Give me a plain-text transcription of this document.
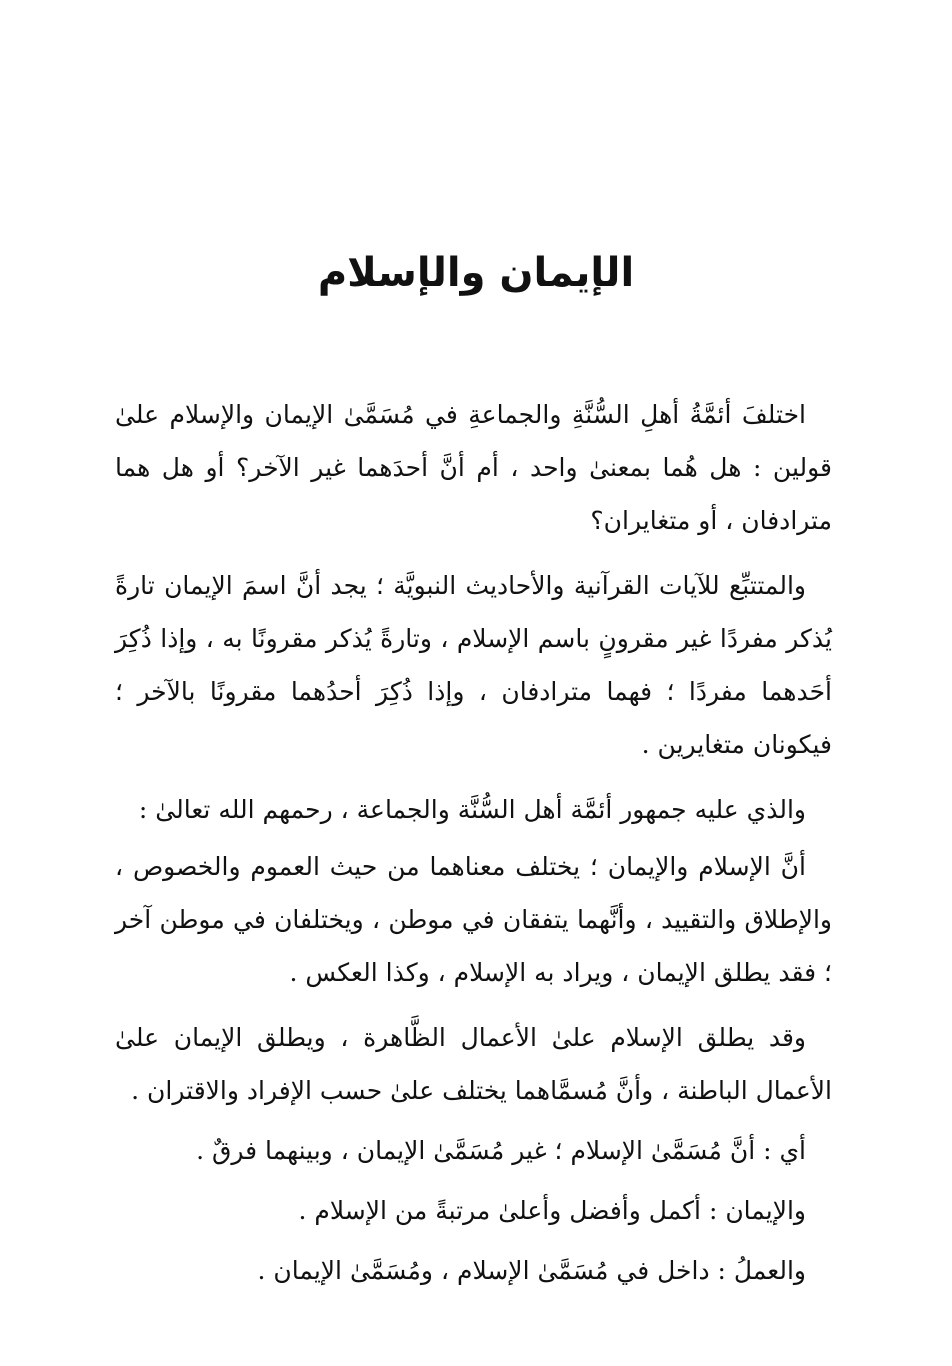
الإيمان والإسلام

اختلفَ أئمَّةُ أهلِ السُّنَّةِ والجماعةِ في مُسَمَّىٰ الإيمان والإسلام علىٰ قولين : هل هُما بمعنىٰ واحد ، أم أنَّ أحدَهما غير الآخر؟ أو هل هما مترادفان ، أو متغايران؟

والمتتبِّع للآيات القرآنية والأحاديث النبويَّة ؛ يجد أنَّ اسمَ الإيمان تارةً يُذكر مفردًا غير مقرونٍ باسم الإسلام ، وتارةً يُذكر مقرونًا به ، وإذا ذُكِرَ أحَدهما مفردًا ؛ فهما مترادفان ، وإذا ذُكِرَ أحدُهما مقرونًا بالآخر ؛ فيكونان متغايرين .

والذي عليه جمهور أئمَّة أهل السُّنَّة والجماعة ، رحمهم الله تعالىٰ :

أنَّ الإسلام والإيمان ؛ يختلف معناهما من حيث العموم والخصوص ، والإطلاق والتقييد ، وأنَّهما يتفقان في موطن ، ويختلفان في موطن آخر ؛ فقد يطلق الإيمان ، ويراد به الإسلام ، وكذا العكس .

وقد يطلق الإسلام علىٰ الأعمال الظَّاهرة ، ويطلق الإيمان علىٰ الأعمال الباطنة ، وأنَّ مُسمَّاهما يختلف علىٰ حسب الإفراد والاقتران .

أي : أنَّ مُسَمَّىٰ الإسلام ؛ غير مُسَمَّىٰ الإيمان ، وبينهما فرقٌ .

والإيمان : أكمل وأفضل وأعلىٰ مرتبةً من الإسلام .

والعملُ : داخل في مُسَمَّىٰ الإسلام ، ومُسَمَّىٰ الإيمان .
